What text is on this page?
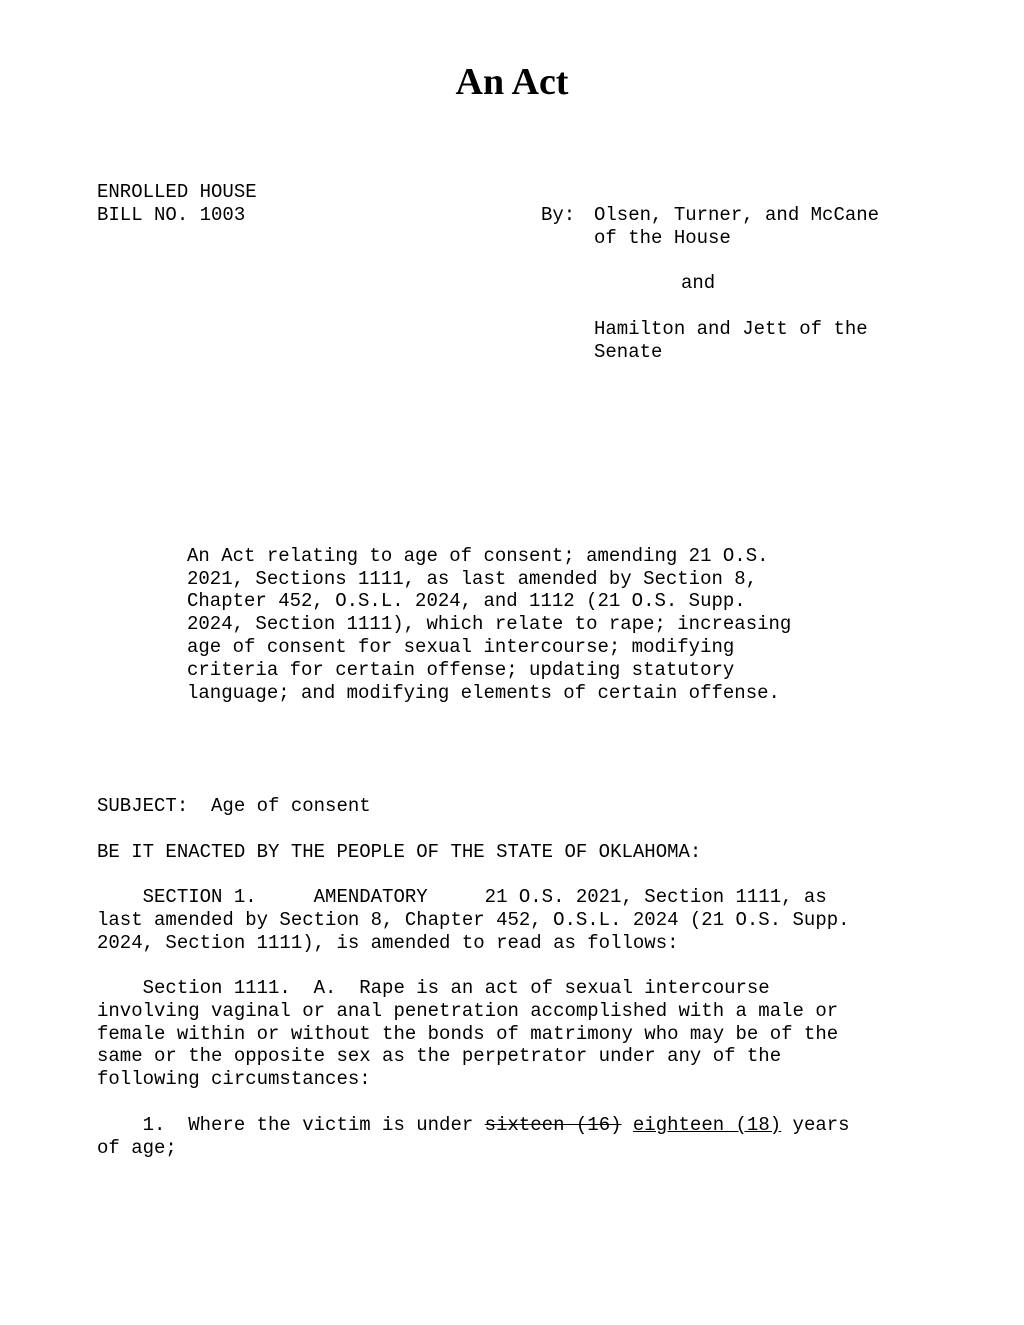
An Act
ENROLLED HOUSE
BILL NO. 1003	By: Olsen, Turner, and McCane
of the House
and
Hamilton and Jett of the
Senate

An Act relating to age of consent; amending 21 O.S.
2021, Sections 1111, as last amended by Section 8,
Chapter 452, O.S.L. 2024, and 1112 (21 O.S. Supp.
2024, Section 1111), which relate to rape; increasing
age of consent for sexual intercourse; modifying
criteria for certain offense; updating statutory
language; and modifying elements of certain offense.
SUBJECT:  Age of consent
BE IT ENACTED BY THE PEOPLE OF THE STATE OF OKLAHOMA:
SECTION 1.     AMENDATORY     21 O.S. 2021, Section 1111, as
last amended by Section 8, Chapter 452, O.S.L. 2024 (21 O.S. Supp.
2024, Section 1111), is amended to read as follows:
Section 1111.  A.  Rape is an act of sexual intercourse
involving vaginal or anal penetration accomplished with a male or
female within or without the bonds of matrimony who may be of the
same or the opposite sex as the perpetrator under any of the
following circumstances:
1.  Where the victim is under sixteen (16) eighteen (18) years
of age;
